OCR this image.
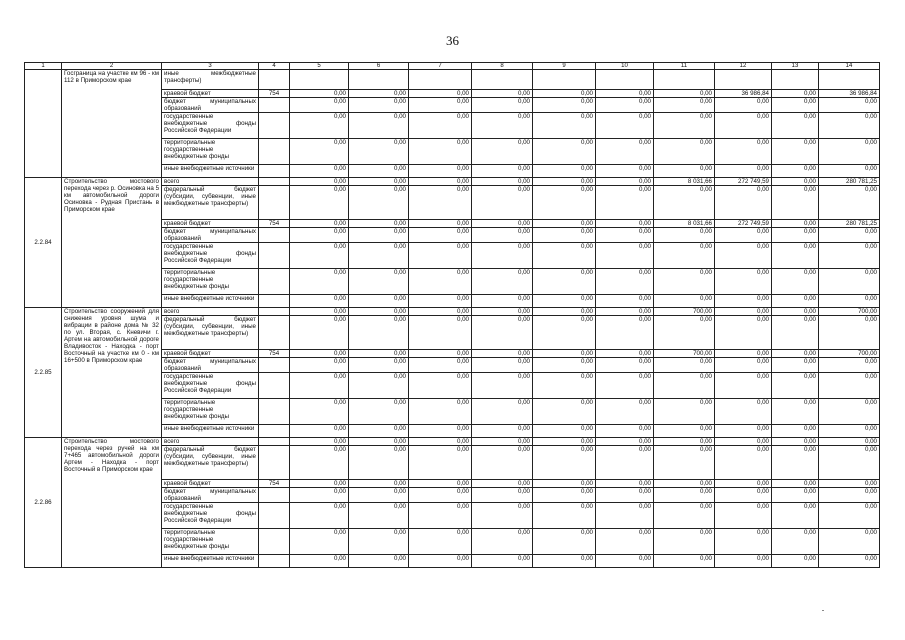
36
1	2	3	4	5	6	7	8	9	10	11	12	13	14
	Госграница на участке км 96 - км 112 в Приморском крае	иные межбюджетные трансферты)											
		краевой бюджет	754	0,00	0,00	0,00	0,00	0,00	0,00	0,00	36 986,84	0,00	36 986,84
		бюджет муниципальных образований		0,00	0,00	0,00	0,00	0,00	0,00	0,00	0,00	0,00	0,00
		государственные внебюджетные фонды Российской Федерации		0,00	0,00	0,00	0,00	0,00	0,00	0,00	0,00	0,00	0,00
		территориальные государственные внебюджетные фонды		0,00	0,00	0,00	0,00	0,00	0,00	0,00	0,00	0,00	0,00
		иные внебюджетные источники		0,00	0,00	0,00	0,00	0,00	0,00	0,00	0,00	0,00	0,00
2.2.84	Строительство мостового перехода через р. Осиновка на 5 км автомобильной дороги Осиновка - Рудная Пристань в Приморском крае	всего		0,00	0,00	0,00	0,00	0,00	0,00	8 031,66	272 749,59	0,00	280 781,25
		федеральный бюджет (субсидии, субвенции, иные межбюджетные трансферты)		0,00	0,00	0,00	0,00	0,00	0,00	0,00	0,00	0,00	0,00
		краевой бюджет	754	0,00	0,00	0,00	0,00	0,00	0,00	8 031,66	272 749,59	0,00	280 781,25
		бюджет муниципальных образований		0,00	0,00	0,00	0,00	0,00	0,00	0,00	0,00	0,00	0,00
		государственные внебюджетные фонды Российской Федерации		0,00	0,00	0,00	0,00	0,00	0,00	0,00	0,00	0,00	0,00
		территориальные государственные внебюджетные фонды		0,00	0,00	0,00	0,00	0,00	0,00	0,00	0,00	0,00	0,00
		иные внебюджетные источники		0,00	0,00	0,00	0,00	0,00	0,00	0,00	0,00	0,00	0,00
2.2.85	Строительство сооружений для снижения уровня шума и вибрации в районе дома № 32 по ул. Вторая, с. Кневичи г. Артем на автомобильной дороге Владивосток - Находка - порт Восточный на участке км 0 - км 16+500 в Приморском крае	всего		0,00	0,00	0,00	0,00	0,00	0,00	700,00	0,00	0,00	700,00
		федеральный бюджет (субсидии, субвенции, иные межбюджетные трансферты)		0,00	0,00	0,00	0,00	0,00	0,00	0,00	0,00	0,00	0,00
		краевой бюджет	754	0,00	0,00	0,00	0,00	0,00	0,00	700,00	0,00	0,00	700,00
		бюджет муниципальных образований		0,00	0,00	0,00	0,00	0,00	0,00	0,00	0,00	0,00	0,00
		государственные внебюджетные фонды Российской Федерации		0,00	0,00	0,00	0,00	0,00	0,00	0,00	0,00	0,00	0,00
		территориальные государственные внебюджетные фонды		0,00	0,00	0,00	0,00	0,00	0,00	0,00	0,00	0,00	0,00
		иные внебюджетные источники		0,00	0,00	0,00	0,00	0,00	0,00	0,00	0,00	0,00	0,00
2.2.86	Строительство мостового перехода через ручей на км 7+465 автомобильной дороги Артем - Находка - порт Восточный в Приморском крае	всего		0,00	0,00	0,00	0,00	0,00	0,00	0,00	0,00	0,00	0,00
		федеральный бюджет (субсидии, субвенции, иные межбюджетные трансферты)		0,00	0,00	0,00	0,00	0,00	0,00	0,00	0,00	0,00	0,00
		краевой бюджет	754	0,00	0,00	0,00	0,00	0,00	0,00	0,00	0,00	0,00	0,00
		бюджет муниципальных образований		0,00	0,00	0,00	0,00	0,00	0,00	0,00	0,00	0,00	0,00
		государственные внебюджетные фонды Российской Федерации		0,00	0,00	0,00	0,00	0,00	0,00	0,00	0,00	0,00	0,00
		территориальные государственные внебюджетные фонды		0,00	0,00	0,00	0,00	0,00	0,00	0,00	0,00	0,00	0,00
		иные внебюджетные источники		0,00	0,00	0,00	0,00	0,00	0,00	0,00	0,00	0,00	0,00
